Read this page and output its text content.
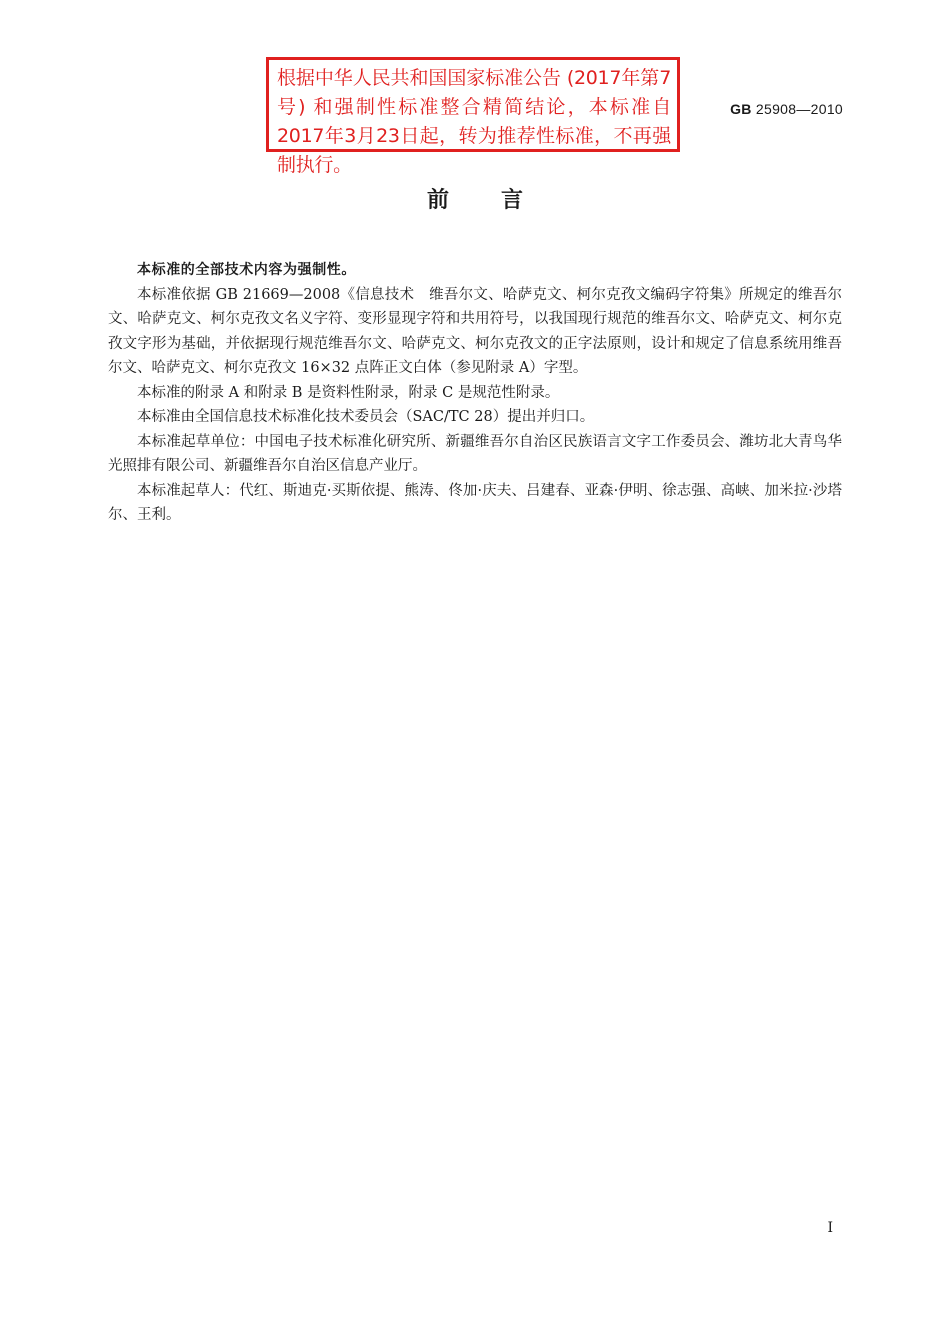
根据中华人民共和国国家标准公告 (2017年第7号) 和强制性标准整合精简结论，本标准自2017年3月23日起，转为推荐性标准，不再强制执行。
GB 25908—2010
前言

本标准的全部技术内容为强制性。

本标准依据 GB 21669—2008《信息技术　维吾尔文、哈萨克文、柯尔克孜文编码字符集》所规定的维吾尔文、哈萨克文、柯尔克孜文名义字符、变形显现字符和共用符号，以我国现行规范的维吾尔文、哈萨克文、柯尔克孜文字形为基础，并依据现行规范维吾尔文、哈萨克文、柯尔克孜文的正字法原则，设计和规定了信息系统用维吾尔文、哈萨克文、柯尔克孜文 16×32 点阵正文白体（参见附录 A）字型。

本标准的附录 A 和附录 B 是资料性附录，附录 C 是规范性附录。

本标准由全国信息技术标准化技术委员会（SAC/TC 28）提出并归口。

本标准起草单位：中国电子技术标准化研究所、新疆维吾尔自治区民族语言文字工作委员会、潍坊北大青鸟华光照排有限公司、新疆维吾尔自治区信息产业厅。

本标准起草人：代红、斯迪克·买斯依提、熊涛、佟加·庆夫、吕建春、亚森·伊明、徐志强、高峡、加米拉·沙塔尔、王利。

I
